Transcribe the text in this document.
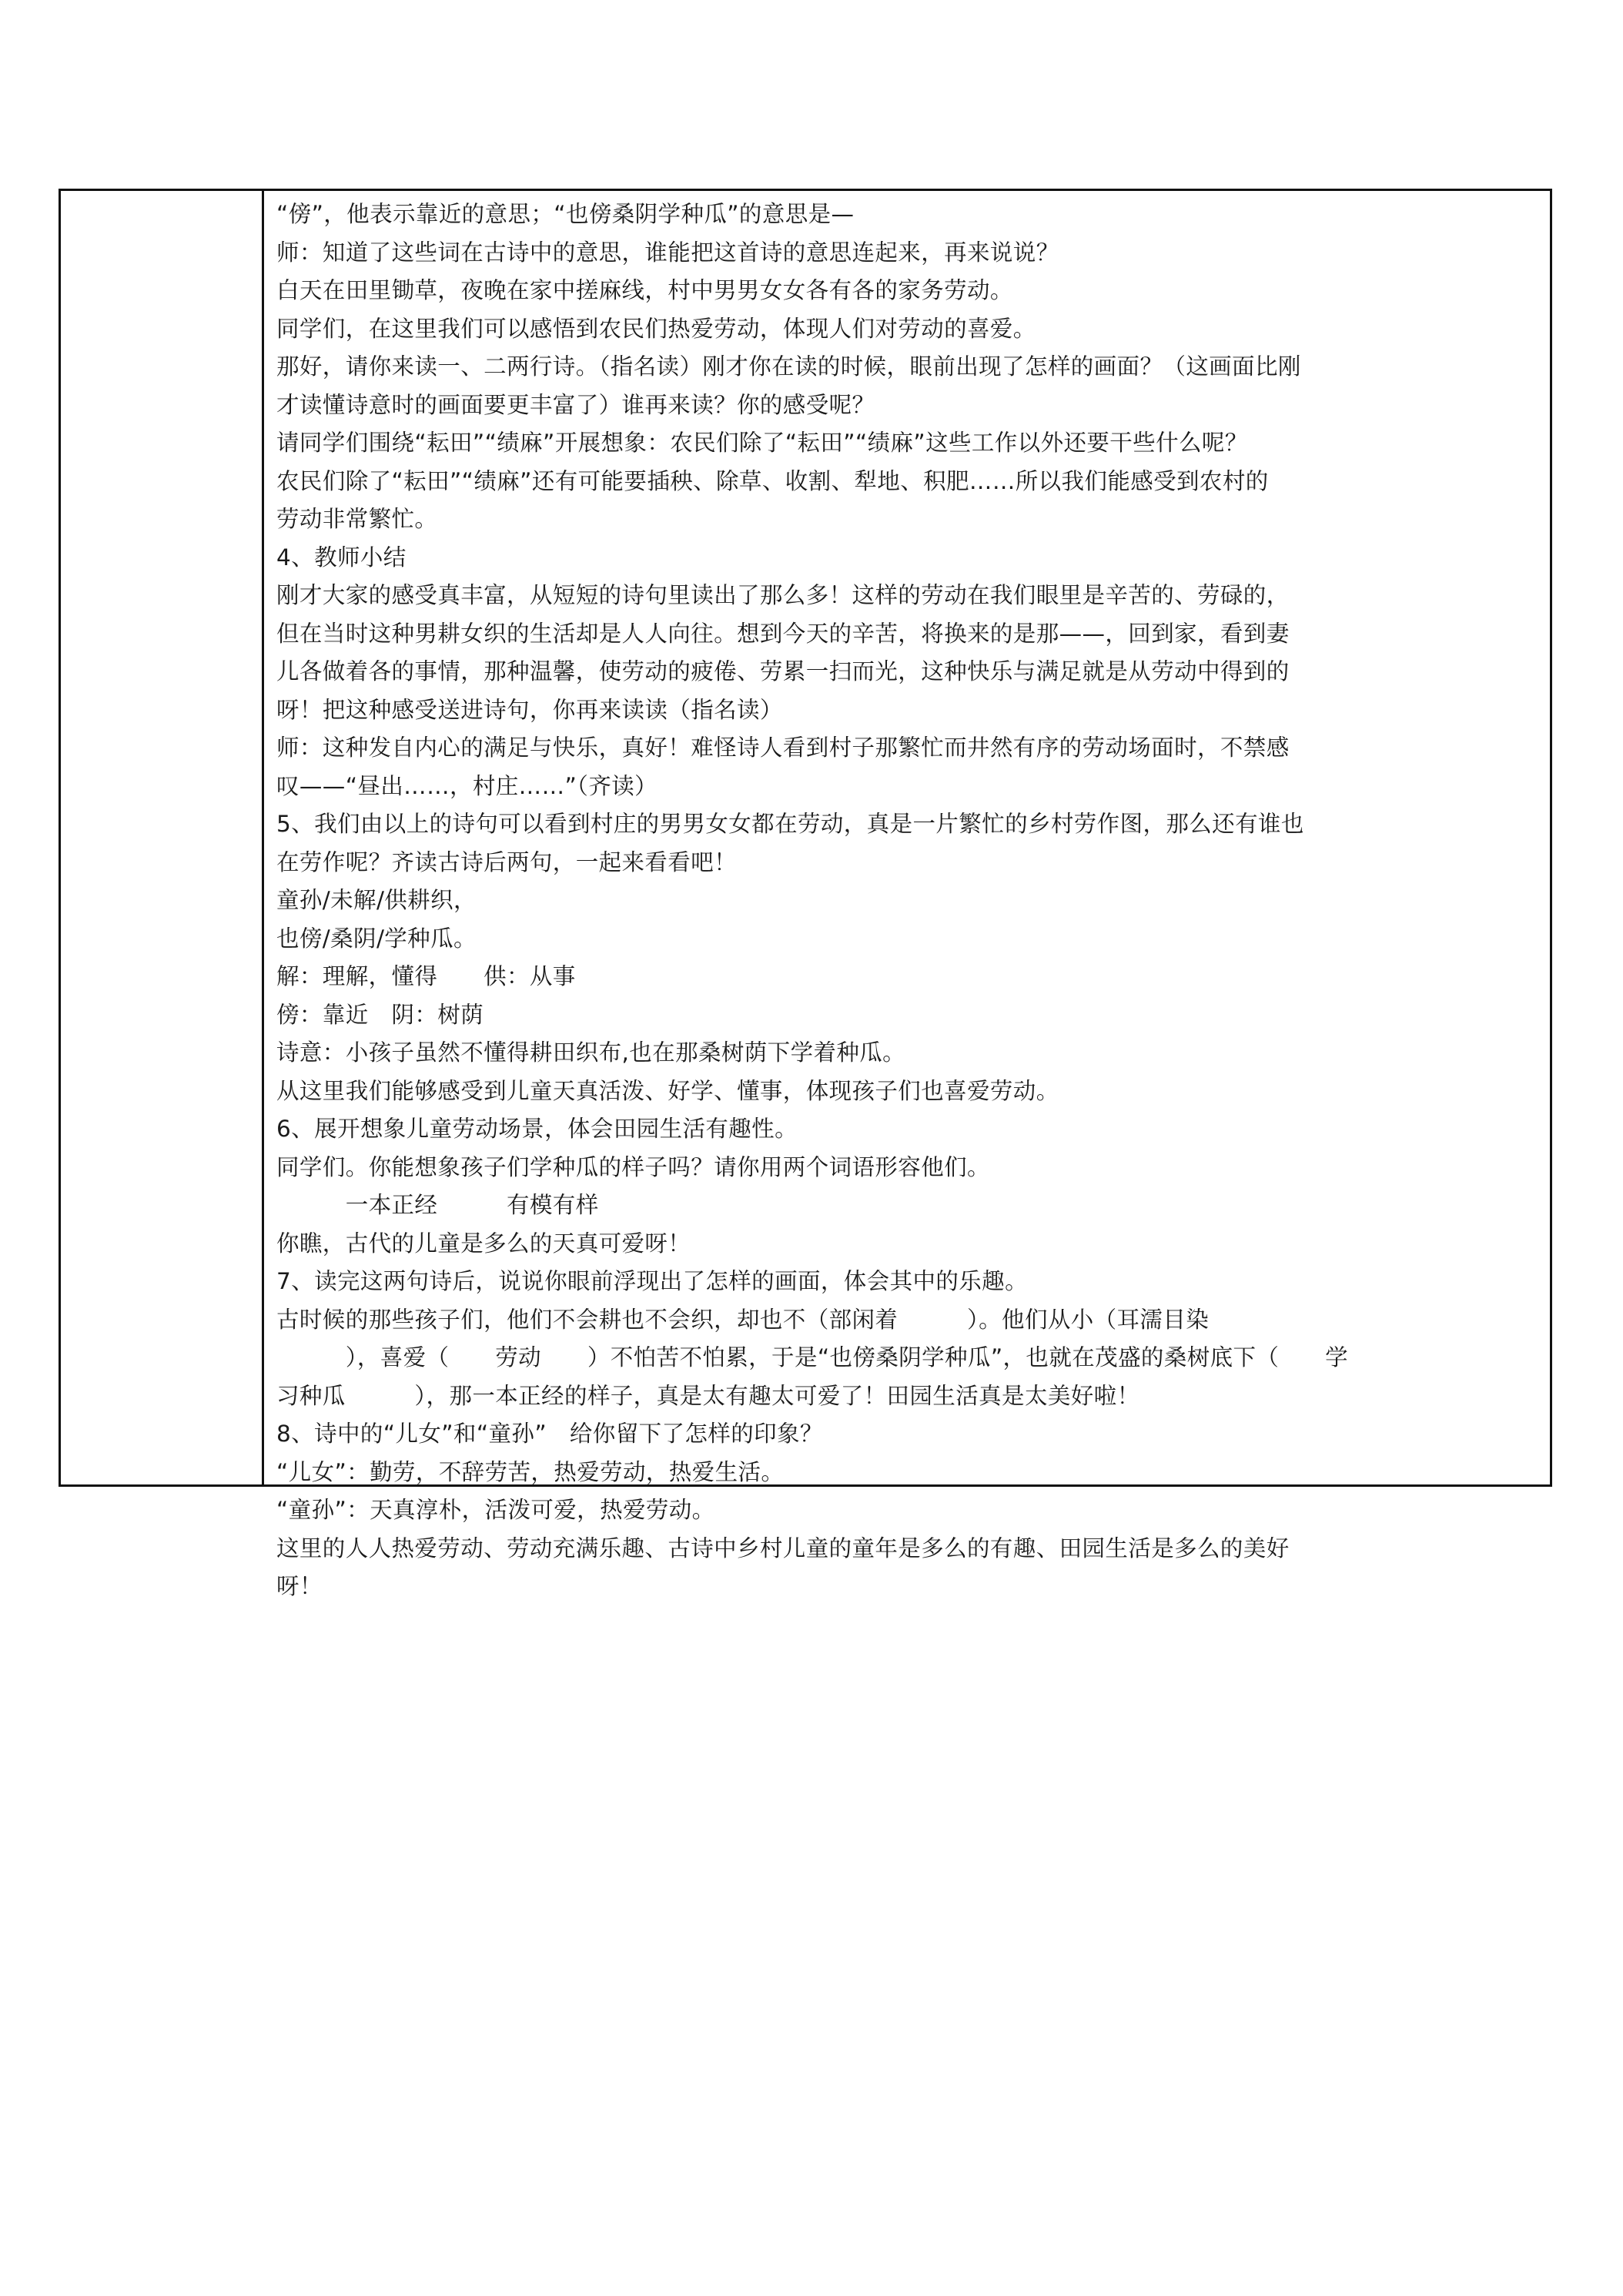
“傍”，他表示靠近的意思；“也傍桑阴学种瓜”的意思是—
师：知道了这些词在古诗中的意思，谁能把这首诗的意思连起来，再来说说？
白天在田里锄草，夜晚在家中搓麻线，村中男男女女各有各的家务劳动。
同学们，在这里我们可以感悟到农民们热爱劳动，体现人们对劳动的喜爱。
那好，请你来读一、二两行诗。（指名读）刚才你在读的时候，眼前出现了怎样的画面？（这画面比刚
才读懂诗意时的画面要更丰富了）谁再来读？你的感受呢？
请同学们围绕“耘田”“绩麻”开展想象：农民们除了“耘田”“绩麻”这些工作以外还要干些什么呢？
农民们除了“耘田”“绩麻”还有可能要插秧、除草、收割、犁地、积肥……所以我们能感受到农村的
劳动非常繁忙。
4、教师小结
刚才大家的感受真丰富，从短短的诗句里读出了那么多！这样的劳动在我们眼里是辛苦的、劳碌的，
但在当时这种男耕女织的生活却是人人向往。想到今天的辛苦，将换来的是那——，回到家，看到妻
儿各做着各的事情，那种温馨，使劳动的疲倦、劳累一扫而光，这种快乐与满足就是从劳动中得到的
呀！把这种感受送进诗句，你再来读读（指名读）
师：这种发自内心的满足与快乐，真好！难怪诗人看到村子那繁忙而井然有序的劳动场面时，不禁感
叹——“昼出……，村庄……”（齐读）
5、我们由以上的诗句可以看到村庄的男男女女都在劳动，真是一片繁忙的乡村劳作图，那么还有谁也
在劳作呢？齐读古诗后两句，一起来看看吧！
童孙/未解/供耕织，
也傍/桑阴/学种瓜。
解：理解，懂得　　供：从事
傍：靠近　阴：树荫
诗意：小孩子虽然不懂得耕田织布,也在那桑树荫下学着种瓜。
从这里我们能够感受到儿童天真活泼、好学、懂事，体现孩子们也喜爱劳动。
6、展开想象儿童劳动场景，体会田园生活有趣性。
同学们。你能想象孩子们学种瓜的样子吗？请你用两个词语形容他们。
　　　一本正经　　　有模有样
你瞧，古代的儿童是多么的天真可爱呀！
7、读完这两句诗后，说说你眼前浮现出了怎样的画面，体会其中的乐趣。
古时候的那些孩子们，他们不会耕也不会织，却也不（部闲着　　　）。他们从小（耳濡目染
　　　），喜爱（　　劳动　　）不怕苦不怕累，于是“也傍桑阴学种瓜”，也就在茂盛的桑树底下（　　学
习种瓜　　　），那一本正经的样子，真是太有趣太可爱了！田园生活真是太美好啦！
8、诗中的“儿女”和“童孙”　给你留下了怎样的印象？
“儿女”：勤劳，不辞劳苦，热爱劳动，热爱生活。
“童孙”：天真淳朴，活泼可爱，热爱劳动。
这里的人人热爱劳动、劳动充满乐趣、古诗中乡村儿童的童年是多么的有趣、田园生活是多么的美好
呀！
